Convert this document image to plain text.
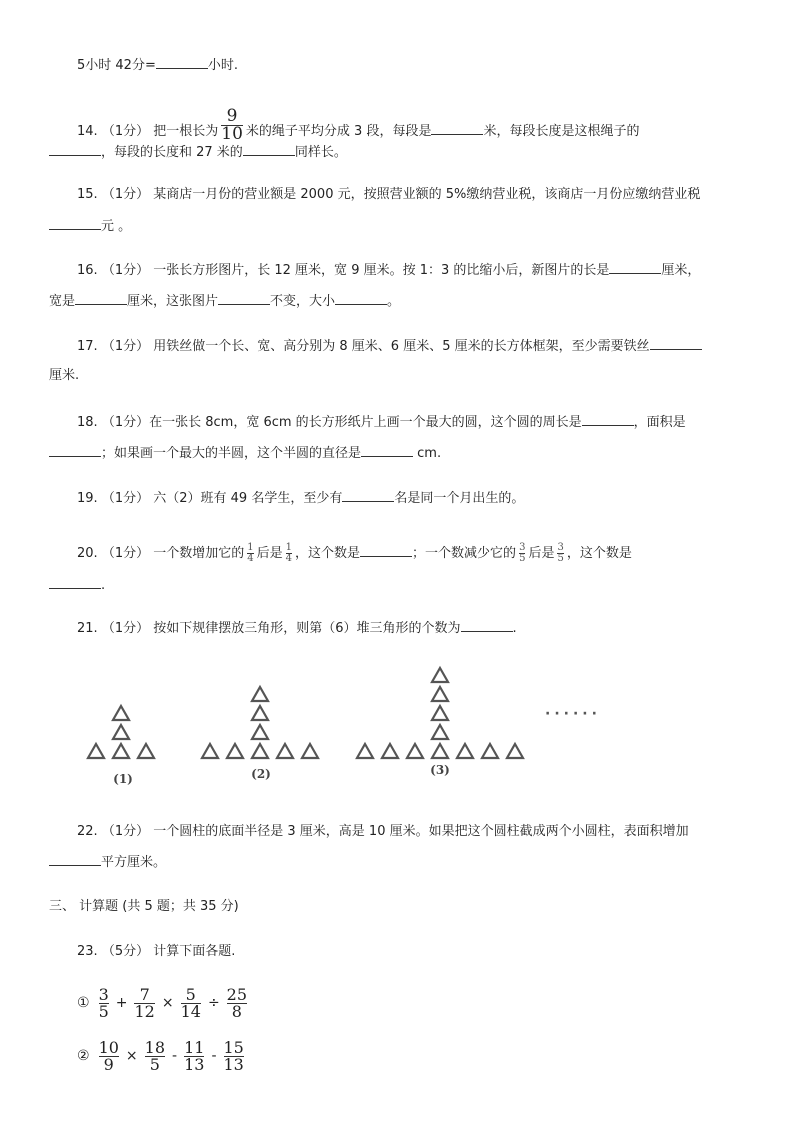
5小时 42分=	小时.
14. （1分） 把一根长为 $\frac{9}{10}$ 米的绳子平均分成 3 段，每段是	米，每段长度是这根绳子的
，每段的长度和 27 米的	同样长。
15. （1分） 某商店一月份的营业额是 2000 元，按照营业额的 5%缴纳营业税，该商店一月份应缴纳营业税
元 。
16. （1分） 一张长方形图片，长 12 厘米，宽 9 厘米。按 1：3 的比缩小后，新图片的长是	厘米，
宽是	厘米，这张图片	不变，大小	。
17. （1分） 用铁丝做一个长、宽、高分别为 8 厘米、6 厘米、5 厘米的长方体框架，至少需要铁丝
厘米.
18. （1分）在一张长 8cm，宽 6cm 的长方形纸片上画一个最大的圆，这个圆的周长是	，面积是
；如果画一个最大的半圆，这个半圆的直径是	cm.
19. （1分） 六（2）班有 49 名学生，至少有	名是同一个月出生的。
20. （1分） 一个数增加它的 $\frac{1}{4}$ 后是 $\frac{1}{4}$ ，这个数是	；一个数减少它的 $\frac{3}{5}$ 后是 $\frac{3}{5}$ ，这个数是
.
21. （1分） 按如下规律摆放三角形，则第（6）堆三角形的个数为	.
(1)	(2)	(3)
······
22. （1分） 一个圆柱的底面半径是 3 厘米，高是 10 厘米。如果把这个圆柱截成两个小圆柱，表面积增加
平方厘米。
三、 计算题 (共 5 题；共 35 分)
23. （5分） 计算下面各题.
① $\frac{3}{5} + \frac{7}{12} \times \frac{5}{14} \div \frac{25}{8}$
② $\frac{10}{9} \times \frac{18}{5} - \frac{11}{13} - \frac{15}{13}$
